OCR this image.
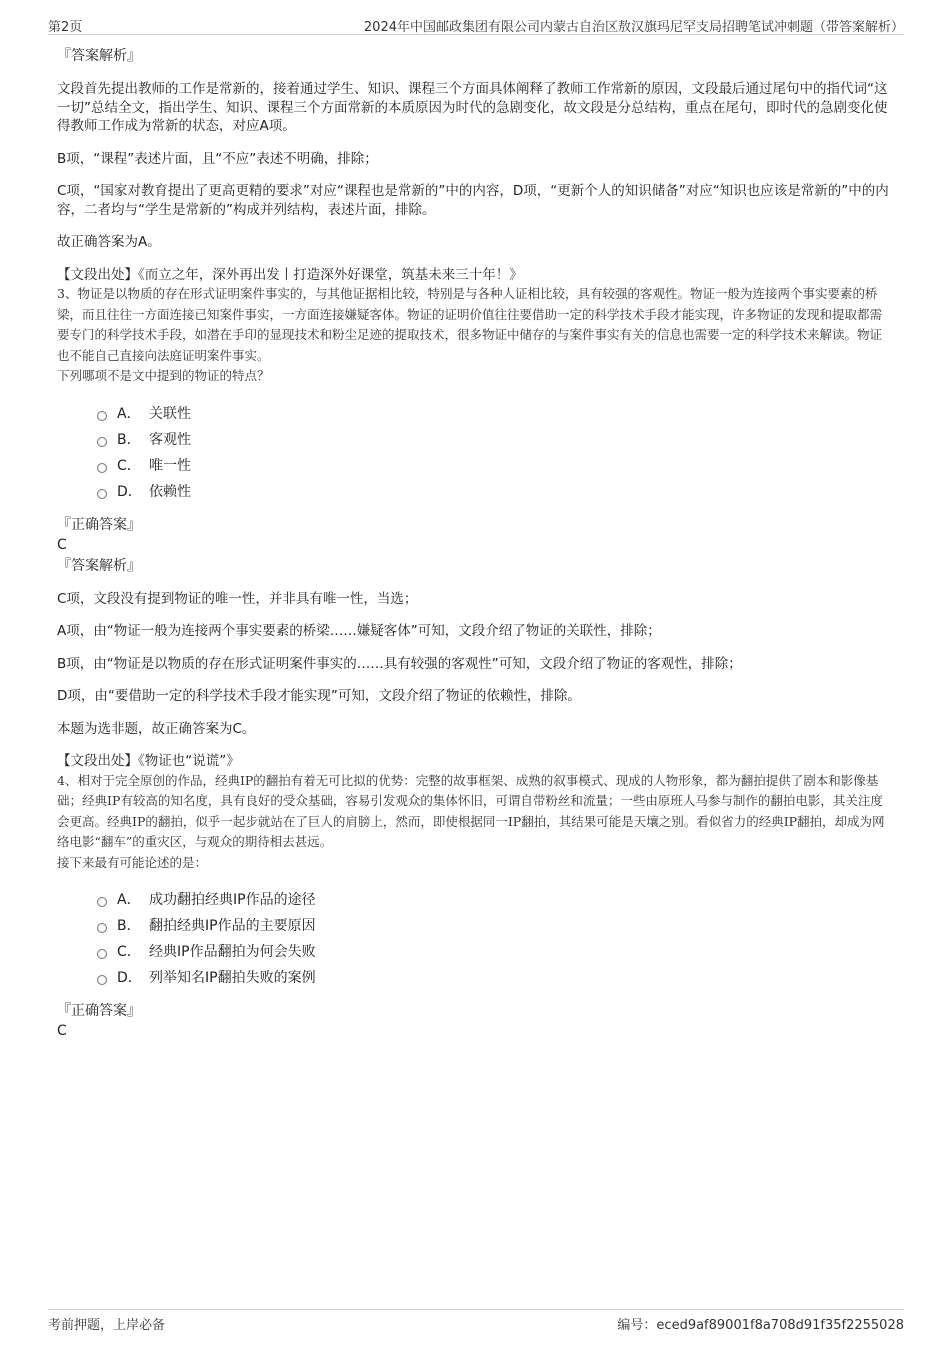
第2页	2024年中国邮政集团有限公司内蒙古自治区敖汉旗玛尼罕支局招聘笔试冲刺题（带答案解析）

『答案解析』

文段首先提出教师的工作是常新的，接着通过学生、知识、课程三个方面具体阐释了教师工作常新的原因，文段最后通过尾句中的指代词“这一切”总结全文，指出学生、知识、课程三个方面常新的本质原因为时代的急剧变化，故文段是分总结构，重点在尾句，即时代的急剧变化使得教师工作成为常新的状态，对应A项。

B项，“课程”表述片面，且“不应”表述不明确，排除；

C项，“国家对教育提出了更高更精的要求”对应“课程也是常新的”中的内容，D项，“更新个人的知识储备”对应“知识也应该是常新的”中的内容，二者均与“学生是常新的”构成并列结构，表述片面，排除。

故正确答案为A。

【文段出处】《而立之年，深外再出发丨打造深外好课堂，筑基未来三十年！》

3、物证是以物质的存在形式证明案件事实的，与其他证据相比较，特别是与各种人证相比较，具有较强的客观性。物证一般为连接两个事实要素的桥梁，而且往往一方面连接已知案件事实，一方面连接嫌疑客体。物证的证明价值往往要借助一定的科学技术手段才能实现，许多物证的发现和提取都需要专门的科学技术手段，如潜在手印的显现技术和粉尘足迹的提取技术，很多物证中储存的与案件事实有关的信息也需要一定的科学技术来解读。物证也不能自己直接向法庭证明案件事实。

下列哪项不是文中提到的物证的特点？

A． 关联性
B． 客观性
C． 唯一性
D． 依赖性

『正确答案』

C

『答案解析』

C项，文段没有提到物证的唯一性，并非具有唯一性，当选；

A项，由“物证一般为连接两个事实要素的桥梁……嫌疑客体”可知，文段介绍了物证的关联性，排除；

B项，由“物证是以物质的存在形式证明案件事实的……具有较强的客观性”可知，文段介绍了物证的客观性，排除；

D项，由“要借助一定的科学技术手段才能实现”可知，文段介绍了物证的依赖性，排除。

本题为选非题，故正确答案为C。

【文段出处】《物证也“说谎”》

4、相对于完全原创的作品，经典IP的翻拍有着无可比拟的优势：完整的故事框架、成熟的叙事模式、现成的人物形象，都为翻拍提供了剧本和影像基础；经典IP有较高的知名度，具有良好的受众基础，容易引发观众的集体怀旧，可谓自带粉丝和流量；一些由原班人马参与制作的翻拍电影，其关注度会更高。经典IP的翻拍，似乎一起步就站在了巨人的肩膀上，然而，即使根据同一IP翻拍，其结果可能是天壤之别。看似省力的经典IP翻拍，却成为网络电影“翻车”的重灾区，与观众的期待相去甚远。

接下来最有可能论述的是：

A． 成功翻拍经典IP作品的途径
B． 翻拍经典IP作品的主要原因
C． 经典IP作品翻拍为何会失败
D． 列举知名IP翻拍失败的案例

『正确答案』

C

考前押题，上岸必备	编号：eced9af89001f8a708d91f35f2255028
